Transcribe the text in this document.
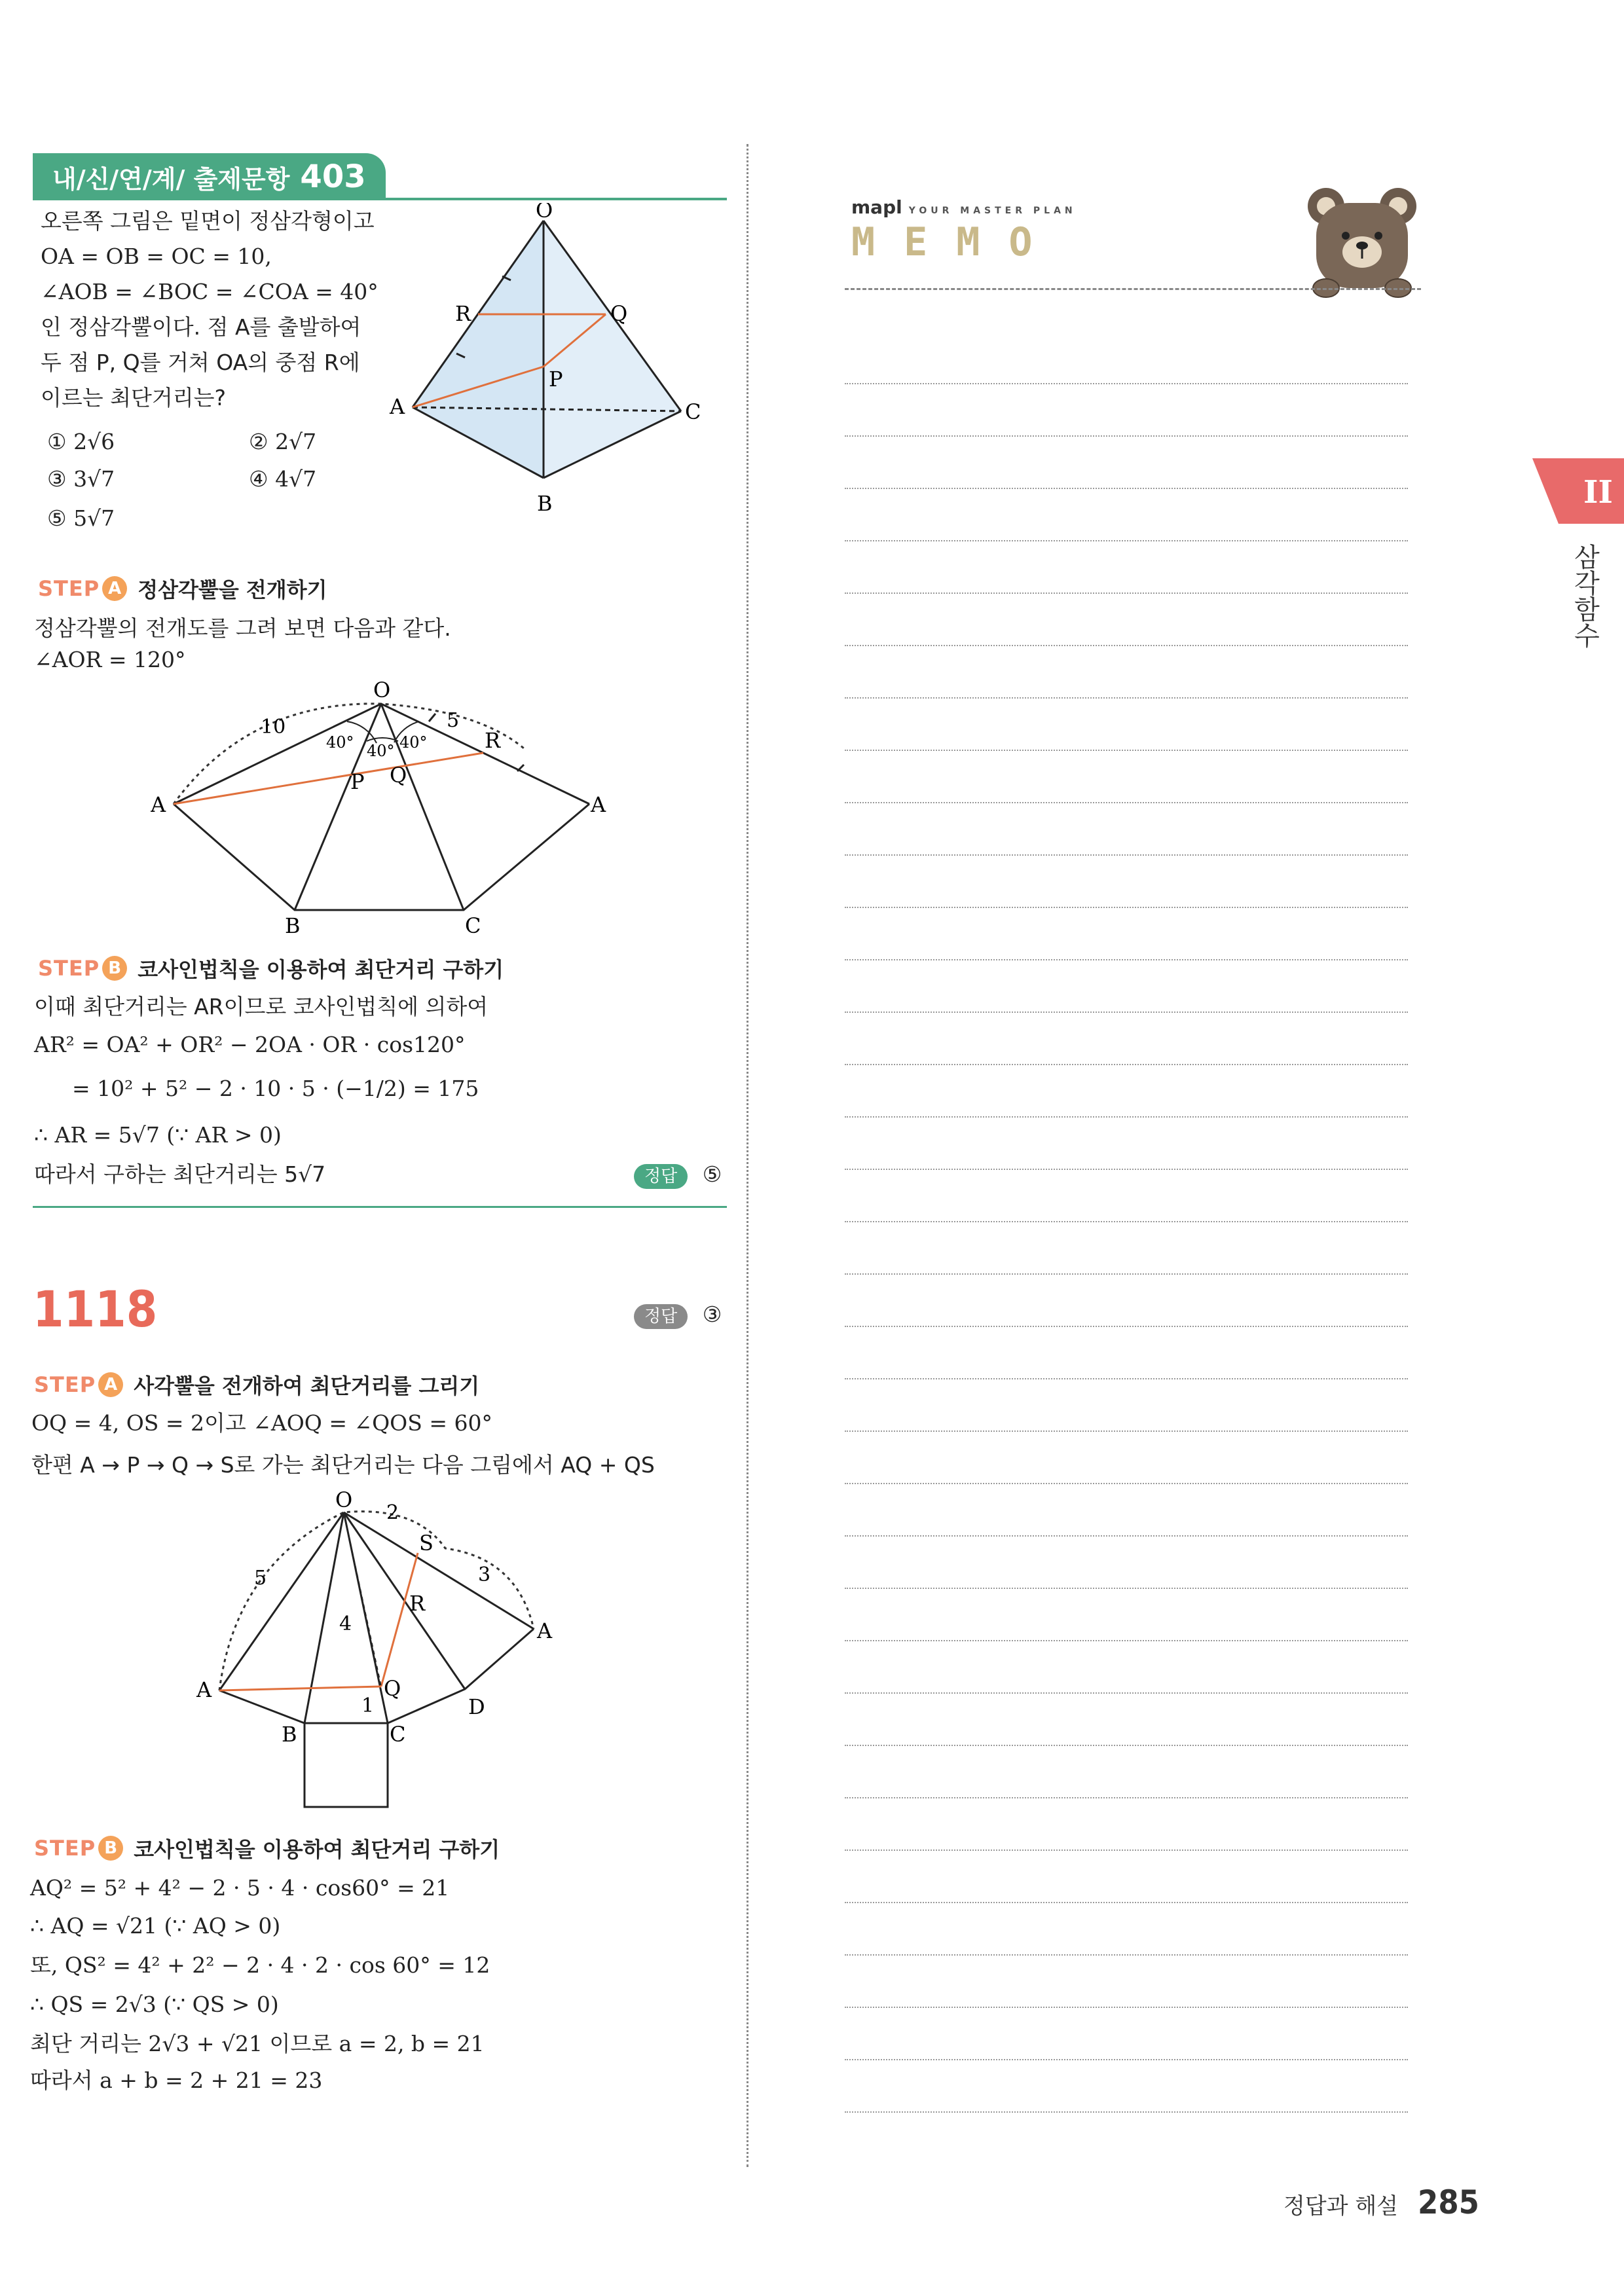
내/신/연/계/ 출제문항 403
오른쪽 그림은 밑면이 정삼각형이고
OA = OB = OC = 10,
∠AOB = ∠BOC = ∠COA = 40°
인 정삼각뿔이다. 점 A를 출발하여
두 점 P, Q를 거쳐 OA의 중점 R에
이르는 최단거리는?
① 2√6	② 2√7
③ 3√7	④ 4√7
⑤ 5√7
O
R	Q
P
A	C
B
STEP A 정삼각뿔을 전개하기
정삼각뿔의 전개도를 그려 보면 다음과 같다.
∠AOR = 120°
O
A
B	C
P Q
R
A
10	5
40° 40° 40°
STEP B 코사인법칙을 이용하여 최단거리 구하기
이때 최단거리는 AR이므로 코사인법칙에 의하여
AR² = OA² + OR² − 2OA · OR · cos120°
= 10² + 5² − 2 · 10 · 5 · (−1/2) = 175
∴ AR = 5√7 (∵ AR > 0)
따라서 구하는 최단거리는 5√7	정답 ⑤
1118	정답 ③
STEP A 사각뿔을 전개하여 최단거리를 그리기
OQ = 4, OS = 2이고 ∠AOQ = ∠QOS = 60°
한편 A → P → Q → S로 가는 최단거리는 다음 그림에서 AQ + QS
O
2
S
5	3
R
A
4
A	Q
1	D
B	C
STEP B 코사인법칙을 이용하여 최단거리 구하기
AQ² = 5² + 4² − 2 · 5 · 4 · cos60° = 21
∴ AQ = √21 (∵ AQ > 0)
또, QS² = 4² + 2² − 2 · 4 · 2 · cos 60° = 12
∴ QS = 2√3 (∵ QS > 0)
최단 거리는 2√3 + √21 이므로 a = 2, b = 21
따라서 a + b = 2 + 21 = 23
mapl YOUR MASTER PLAN
MEMO
II
삼각함수
정답과 해설 285
